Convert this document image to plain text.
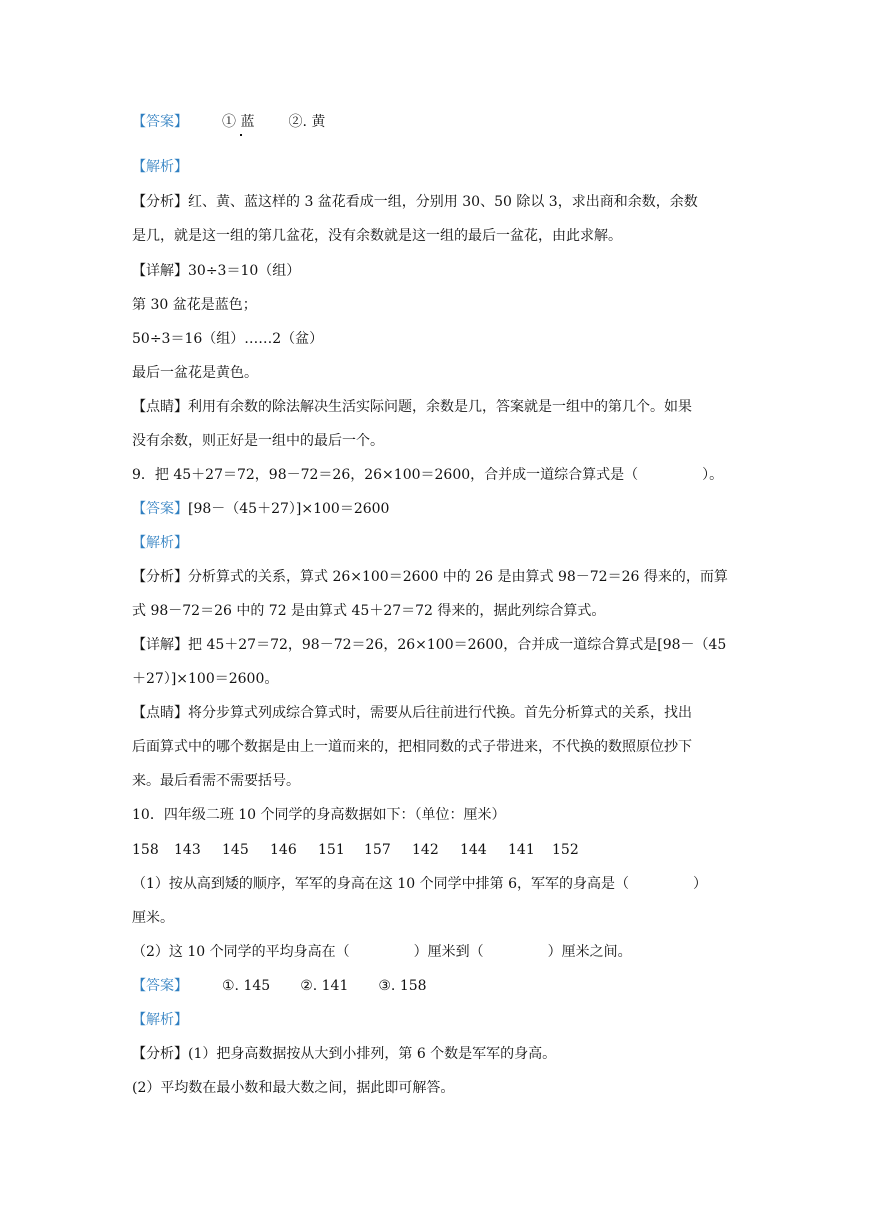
【答案】 ① 蓝 ②. 黄
【解析】
【分析】红、黄、蓝这样的 3 盆花看成一组，分别用 30、50 除以 3，求出商和余数，余数
是几，就是这一组的第几盆花，没有余数就是这一组的最后一盆花，由此求解。
【详解】30÷3＝10（组）
第 30 盆花是蓝色；
50÷3＝16（组）……2（盆）
最后一盆花是黄色。
【点睛】利用有余数的除法解决生活实际问题，余数是几，答案就是一组中的第几个。如果
没有余数，则正好是一组中的最后一个。
9．把 45＋27＝72，98－72＝26，26×100＝2600，合并成一道综合算式是（	）。
【答案】[98－（45＋27）]×100＝2600
【解析】
【分析】分析算式的关系，算式 26×100＝2600 中的 26 是由算式 98－72＝26 得来的，而算
式 98－72＝26 中的 72 是由算式 45＋27＝72 得来的，据此列综合算式。
【详解】把 45＋27＝72，98－72＝26，26×100＝2600，合并成一道综合算式是[98－（45
＋27）]×100＝2600。
【点睛】将分步算式列成综合算式时，需要从后往前进行代换。首先分析算式的关系，找出
后面算式中的哪个数据是由上一道而来的，把相同数的式子带进来，不代换的数照原位抄下
来。最后看需不需要括号。
10．四年级二班 10 个同学的身高数据如下：（单位：厘米）
158 143 145 146 151 157 142 144 141 152
（1）按从高到矮的顺序，军军的身高在这 10 个同学中排第 6，军军的身高是（	）
厘米。
（2）这 10 个同学的平均身高在（	）厘米到（	）厘米之间。
【答案】 ①. 145 ②. 141 ③. 158
【解析】
【分析】(1）把身高数据按从大到小排列，第 6 个数是军军的身高。
(2）平均数在最小数和最大数之间，据此即可解答。
